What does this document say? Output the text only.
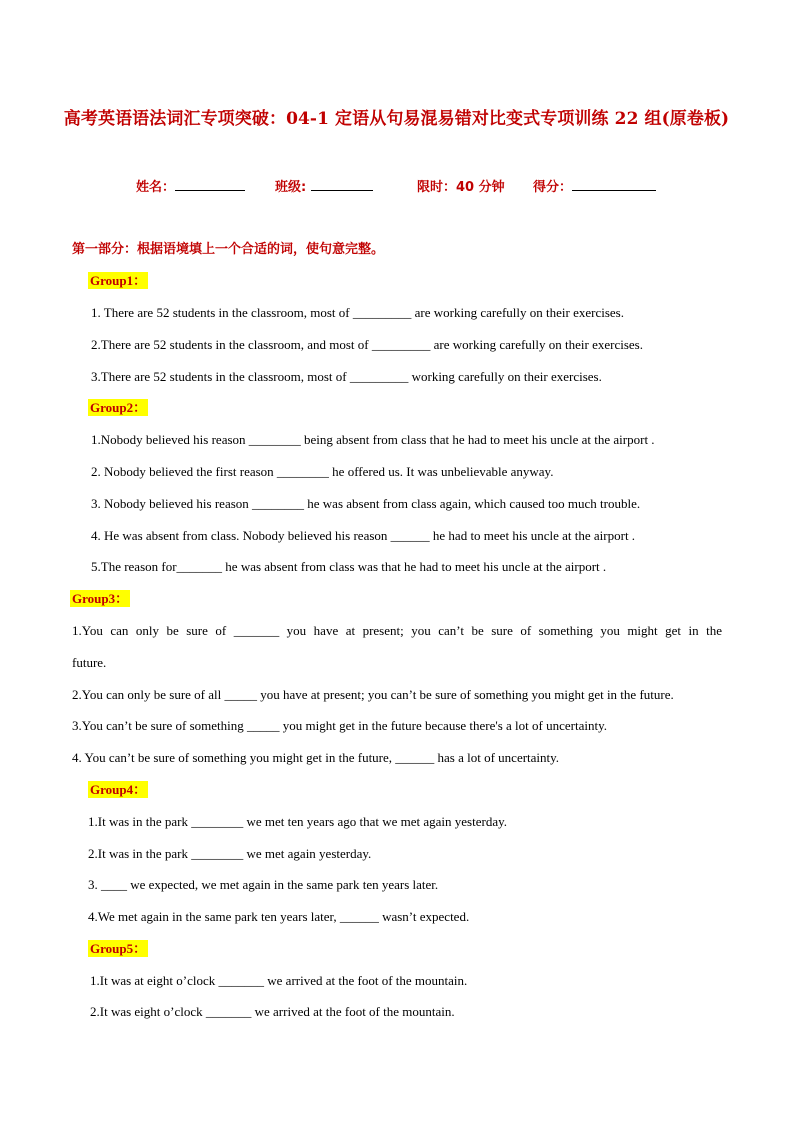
高考英语语法词汇专项突破：04-1 定语从句易混易错对比变式专项训练 22 组(原卷板)
姓名：	班级:	限时：40 分钟 得分：
第一部分：根据语境填上一个合适的词，使句意完整。
Group1：
1. There are 52 students in the classroom, most of _________ are working carefully on their exercises.
2.There are 52 students in the classroom, and most of _________ are working carefully on their exercises.
3.There are 52 students in the classroom, most of _________ working carefully on their exercises.
Group2：
1.Nobody believed his reason ________ being absent from class that he had to meet his uncle at the airport .
2. Nobody believed the first reason ________ he offered us. It was unbelievable anyway.
3. Nobody believed his reason ________ he was absent from class again, which caused too much trouble.
4. He was absent from class. Nobody believed his reason ______ he had to meet his uncle at the airport .
5.The reason for_______ he was absent from class was that he had to meet his uncle at the airport .
Group3：
1.You can only be sure of _______ you have at present; you can’t be sure of something you might get in the
future.
2.You can only be sure of all _____ you have at present; you can’t be sure of something you might get in the future.
3.You can’t be sure of something _____ you might get in the future because there's a lot of uncertainty.
4. You can’t be sure of something you might get in the future, ______ has a lot of uncertainty.
Group4：
1.It was in the park ________ we met ten years ago that we met again yesterday.
2.It was in the park ________ we met again yesterday.
3. ____ we expected, we met again in the same park ten years later.
4.We met again in the same park ten years later, ______ wasn’t expected.
Group5：
1.It was at eight o’clock _______ we arrived at the foot of the mountain.
2.It was eight o’clock _______ we arrived at the foot of the mountain.
